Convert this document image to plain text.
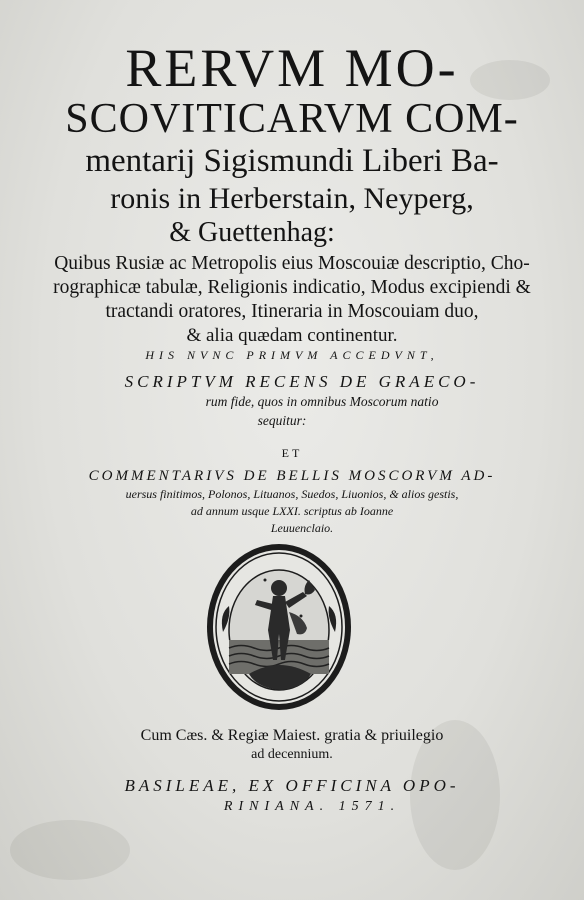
RERVM MO-
SCOVITICARVM COM-
mentarij Sigismundi Liberi Ba-
ronis in Herberstain, Neyperg,
& Guettenhag:
Quibus Rusiæ ac Metropolis eius Moscouiæ descriptio, Cho-
rographicæ tabulæ, Religionis indicatio, Modus excipiendi &
tractandi oratores, Itineraria in Moscouiam duo,
& alia quædam continentur.
HIS NVNC PRIMVM ACCEDVNT,
SCRIPTVM RECENS DE GRAECO-
rum fide, quos in omnibus Moscorum natio
sequitur:
ET
COMMENTARIVS DE BELLIS MOSCORVM AD-
uersus finitimos, Polonos, Lituanos, Suedos, Liuonios, & alios gestis,
ad annum usque LXXI. scriptus ab Ioanne
Leuuenclaio.
Cum Cæs. & Regiæ Maiest. gratia & priuilegio
ad decennium.
BASILEAE, EX OFFICINA OPO-
RINIANA. 1571.
